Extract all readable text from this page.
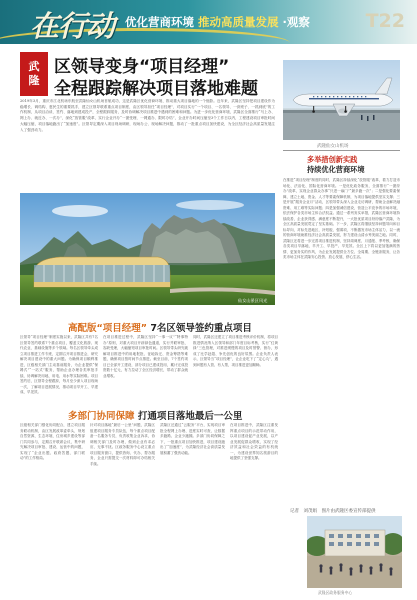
在行动 优化营商环境 推动高质量发展 ·观察	T22
武
隆
区领导变身“项目经理”
全程跟踪解决项目落地难题
2019年3月，重庆市江北机场东航至武隆仙女山机场首航成功，这是武隆区优化营商环境、推动重大项目落地的一个缩影。近年来，武隆区坚持把项目建设作为稳增长、调结构、惠民生的重要抓手，建立区领导联系重点项目制度，由区领导担任“项目经理”，对项目实行“一个项目、一名领导、一套班子、一抓到底”的工作机制，从项目洽谈、签约、落地到建成投产，全程跟踪服务，及时协调解决项目推进中遇到的困难和问题。为进一步优化营商环境，武隆区全面推行“马上办、网上办、就近办、一次办”，深化“放管服”改革，实行企业开办“一窗受理、一网通办、限时办结”，企业开办时间压缩至3个工作日以内，工程建设项目审批时间大幅压缩，项目落地跑出了“加速度”。区领导定期深入项目现场调研，现场办公、现场解决问题，推动了一批重点项目加快建设，为全区经济社会高质量发展注入了强劲动力。
武隆仙女山机场
仙女山景区风光
高配版“项目经理” 7名区领导签约重点项目
区领导“项目经理”制度实施以来，武隆区共有7名区领导签约联系7个重点项目，覆盖文化旅游、现代农业、基础设施等多个领域。每名区领导牵头成立项目推进工作专班，定期召开项目推进会，研究解决项目建设中的重大问题。为确保项目顺利推进，区级相关部门主动靠前服务，为企业提供“保姆式”“一站式”服务，帮助企业办理各类审批手续，协调解决用地、用电、用水等实际困难。项目签约后，区领导全程跟踪，每月至少深入项目现场一次，了解项目进展情况，推动项目早开工、早建成、早见效。
在项目推进过程中，武隆区坚持“一事一议”“特事特办”原则，对重大项目开辟绿色通道，实行并联审批、容缺受理，大幅缩短项目审批时间。区领导带头研究破解项目推进中的用地报批、征地拆迁、资金筹措等难题，确保项目按时间节点推进。截至目前，7个签约项目已全部开工建设，部分项目已建成投用，累计完成投资数十亿元，有力拉动了全区经济增长，带动了群众就业增收。
同时，武隆区还建立了项目推进考核评价机制，将项目推进情况纳入区领导和部门年度目标考核，实行“红黄绿”三色管理，对推进缓慢的项目及时预警、督办，形成了比学赶超、争先创优的良好氛围。企业负责人表示，区领导当“项目经理”，让企业吃下了“定心丸”，遇到问题有人管、有人帮，项目推进更加顺畅。
多部门协同保障 打通项目落地最后一公里
区级相关部门强化协同配合，建立项目服务联动机制，由区发展改革委牵头，规划自然资源、生态环境、住房城乡建设等部门共同参与，定期召开联席会议，集中研究解决项目审批、建设、运营中的问题，实现了“企业出题、政府答题、部门联动”的工作格局。
针对项目落地“最后一公里”问题，武隆区组建项目服务专员队伍，每个重点项目配备一名服务专员，负责收集企业诉求，协调相关部门及时办理，做到企业有求必应、无事不扰。区政务服务中心设立重点项目服务窗口，提供咨询、代办、帮办服务，企业只需提交一次材料即可办结相关手续。
武隆区还通过“云服务”平台，实现项目审批全程网上办理、进度实时可查，让数据多跑路、企业少跑腿。多部门协同保障之下，一批重点项目加快推进，项目建设跑出了“加速度”，为武隆经济社会高质量发展积蓄了强劲动能。
在项目推进中，武隆区注重发挥重点项目的示范带动作用，以项目建设促产业发展，以产业发展促群众增收，实现了经济效益和社会效益的有机统一，为建设世界知名旅游目的地提供了坚强支撑。
多举措创新实践
持续优化营商环境
在推进“项目经理”制度的同时，武隆区持续深化“放管服”改革，着力打造市场化、法治化、国际化营商环境。一是优化政务服务，全面推行“一窗综办”改革，实现企业群众办事“只进一扇门”“最多跑一次”；二是强化要素保障，建立土地、资金、人才等要素保障机制，为项目落地提供坚实支撑；三是开展“服务企业月”活动，区领导带头深入企业走访调研，帮助企业解决融资难、用工难等实际问题；四是加强诚信建设，营造公平竞争的市场环境，依法保护各类市场主体合法权益。通过一系列务实举措，武隆区营商环境持续改善，企业获得感、满意度不断提升，一大批优质项目纷纷落户武隆，为全区高质量发展奠定了坚实基础。下一步，武隆区将继续坚持问题导向和目标导向，对标先进地区，补短板、强弱项，不断激发市场主体活力，以一流的营商环境助推经济社会高质量发展，努力建设山清水秀美丽之地。同时，武隆区还将进一步完善项目推进机制，坚持周调度、月通报、季考核，确保各类项目早落地、早开工、早投产、早见效。全区上下将以更加饱满的热情、更加务实的作风，为企业发展提供全方位、全周期、全链条服务，让各类市场主体在武隆安心投资、放心发展、舒心生活。
记者　刘茂娟　图片由武隆区委宣传部提供
武隆区政务服务中心
